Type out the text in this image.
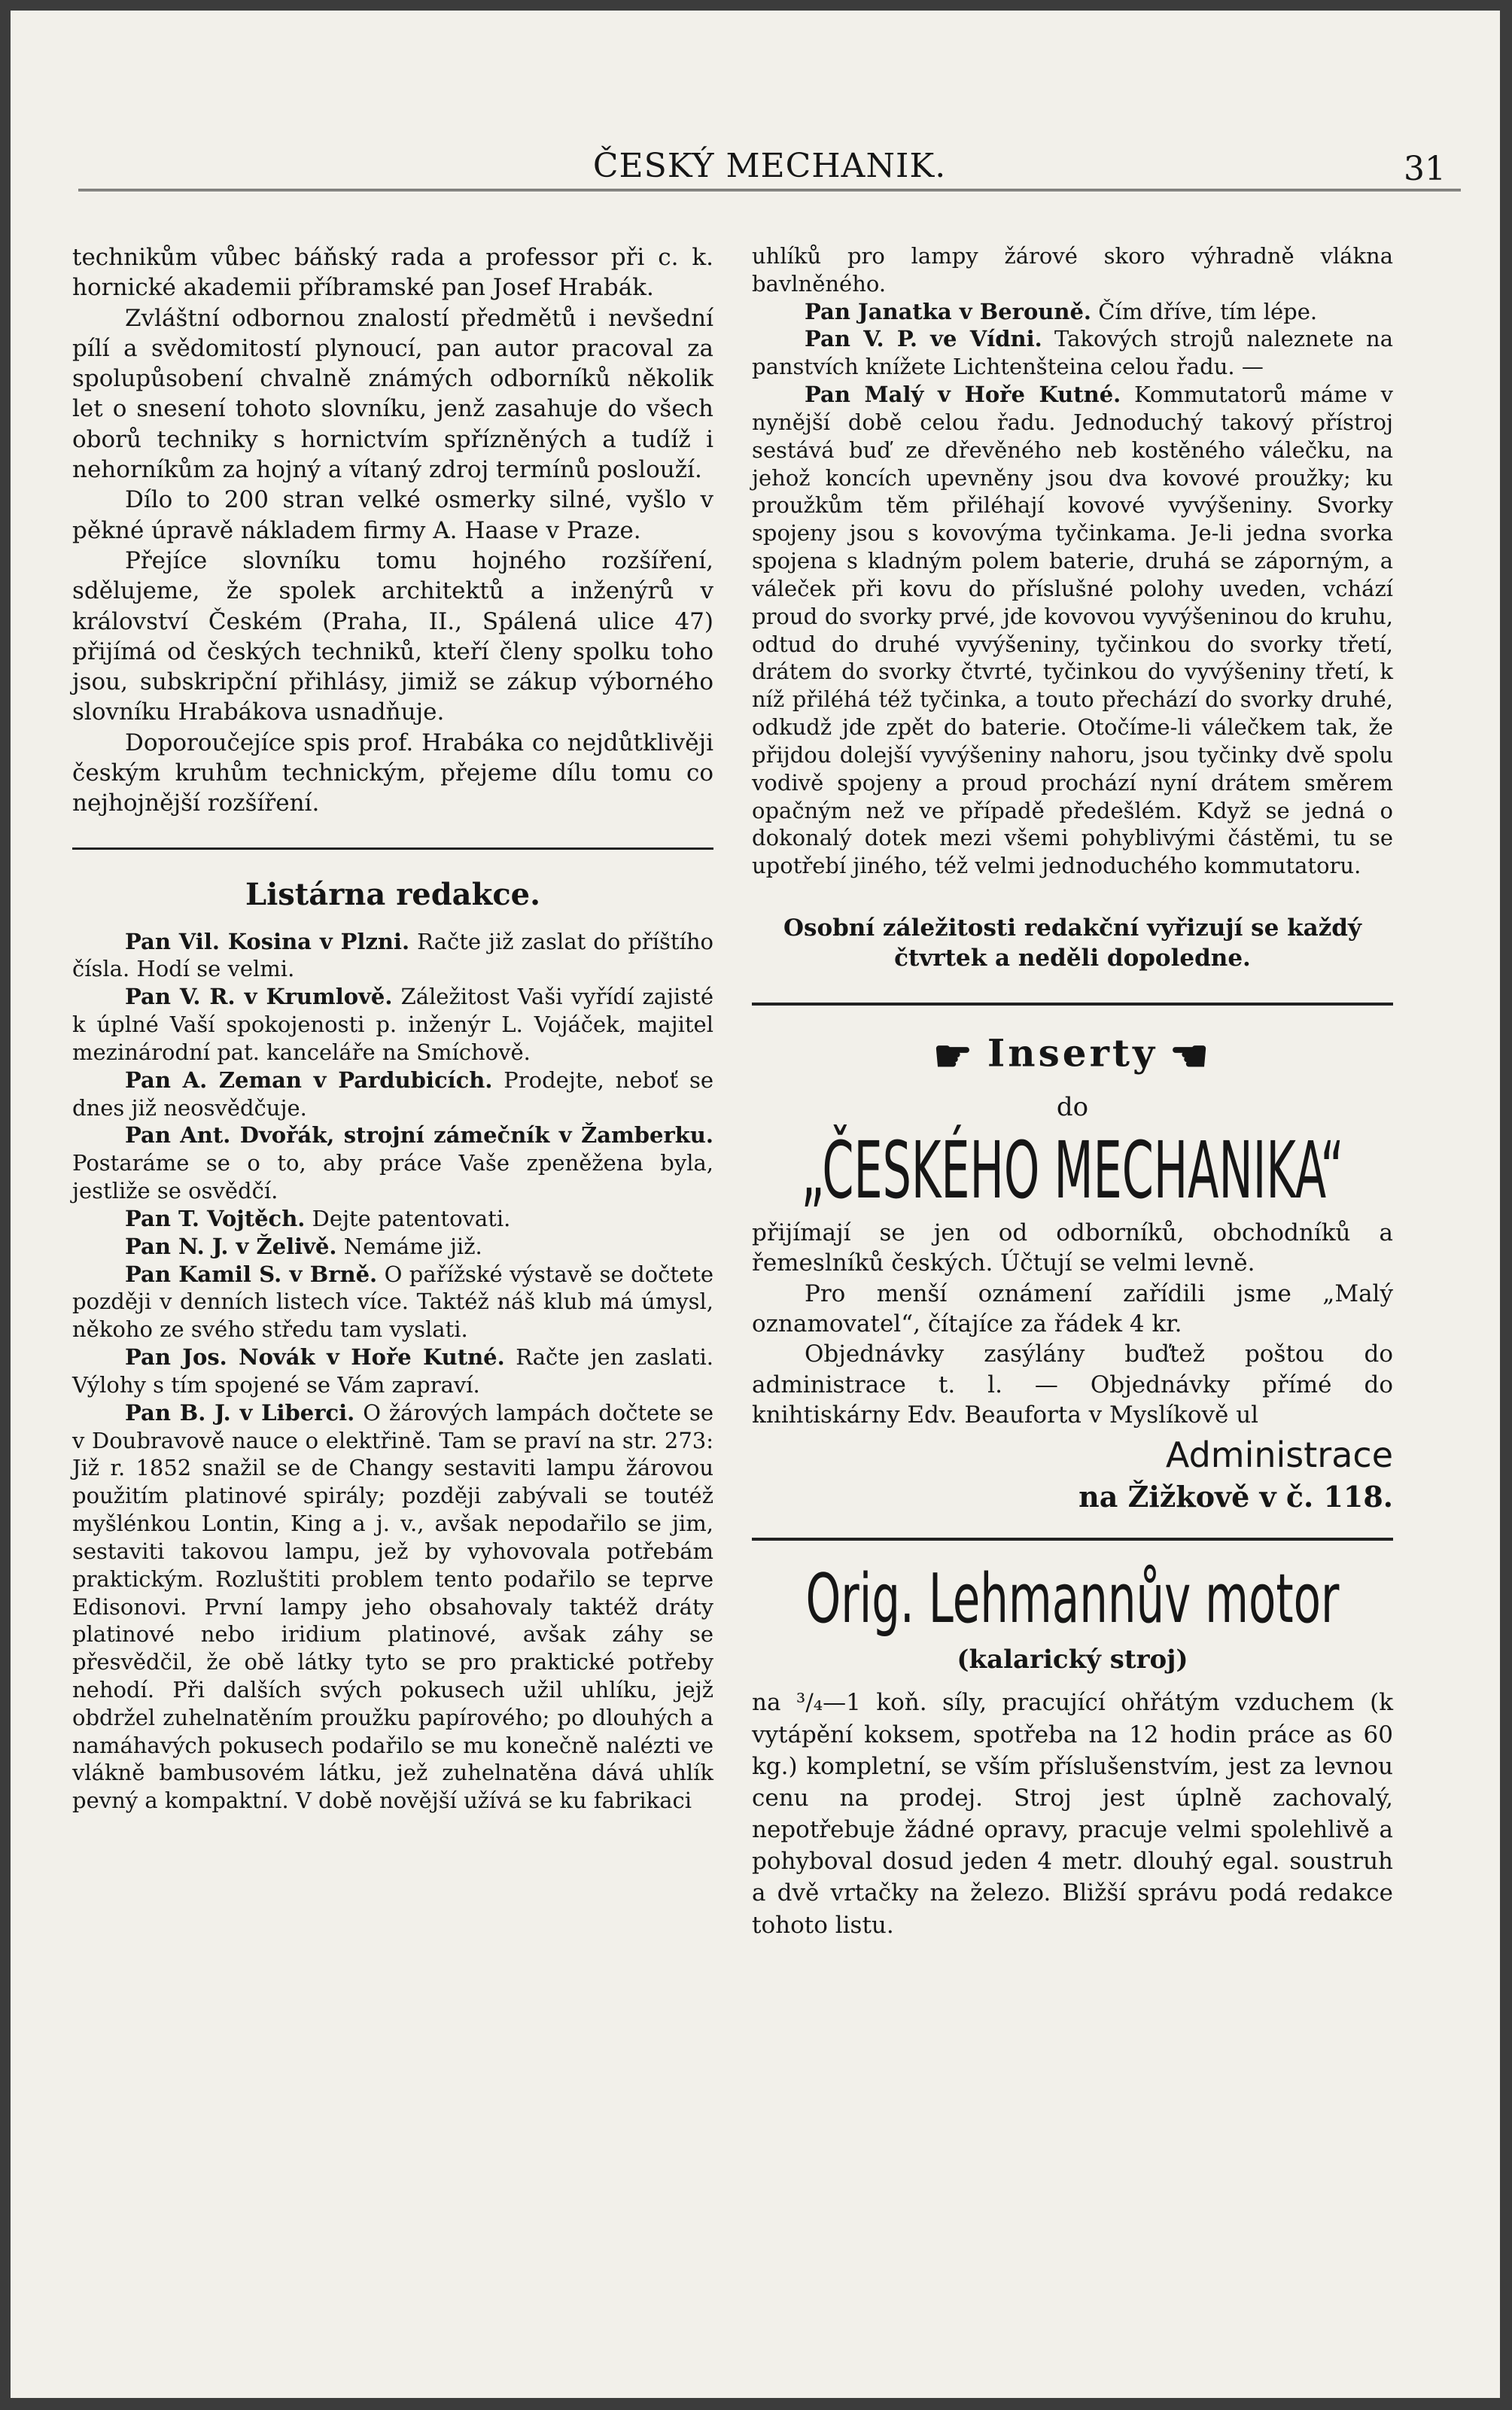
ČESKÝ MECHANIK.	31

technikům vůbec báňský rada a professor při c. k. hornické akademii příbramské pan Josef Hrabák.

Zvláštní odbornou znalostí předmětů i nevšední pílí a svědomitostí plynoucí, pan autor pracoval za spolupůsobení chvalně známých odborníků několik let o snesení tohoto slovníku, jenž zasahuje do všech oborů techniky s hornictvím spřízněných a tudíž i nehorníkům za hojný a vítaný zdroj termínů poslouží.

Dílo to 200 stran velké osmerky silné, vyšlo v pěkné úpravě nákladem firmy A. Haase v Praze.

Přejíce slovníku tomu hojného rozšíření, sdělujeme, že spolek architektů a inženýrů v království Českém (Praha, II., Spálená ulice 47) přijímá od českých techniků, kteří členy spolku toho jsou, subskripční přihlásy, jimiž se zákup výborného slovníku Hrabákova usnadňuje.

Doporoučejíce spis prof. Hrabáka co nejdůtklivěji českým kruhům technickým, přejeme dílu tomu co nejhojnější rozšíření.

Listárna redakce.

Pan Vil. Kosina v Plzni. Račte již zaslat do příštího čísla. Hodí se velmi.

Pan V. R. v Krumlově. Záležitost Vaši vyřídí zajisté k úplné Vaší spokojenosti p. inženýr L. Vojáček, majitel mezinárodní pat. kanceláře na Smíchově.

Pan A. Zeman v Pardubicích. Prodejte, neboť se dnes již neosvědčuje.

Pan Ant. Dvořák, strojní zámečník v Žamberku. Postaráme se o to, aby práce Vaše zpeněžena byla, jestliže se osvědčí.

Pan T. Vojtěch. Dejte patentovati.

Pan N. J. v Želivě. Nemáme již.

Pan Kamil S. v Brně. O pařížské výstavě se dočtete později v denních listech více. Taktéž náš klub má úmysl, někoho ze svého středu tam vyslati.

Pan Jos. Novák v Hoře Kutné. Račte jen zaslati. Výlohy s tím spojené se Vám zapraví.

Pan B. J. v Liberci. O žárových lampách dočtete se v Doubravově nauce o elektřině. Tam se praví na str. 273: Již r. 1852 snažil se de Changy sestaviti lampu žárovou použitím platinové spirály; později zabývali se toutéž myšlénkou Lontin, King a j. v., avšak nepodařilo se jim, sestaviti takovou lampu, jež by vyhovovala potřebám praktickým. Rozluštiti problem tento podařilo se teprve Edisonovi. První lampy jeho obsahovaly taktéž dráty platinové nebo iridium platinové, avšak záhy se přesvědčil, že obě látky tyto se pro praktické potřeby nehodí. Při dalších svých pokusech užil uhlíku, jejž obdržel zuhelnatěním proužku papírového; po dlouhých a namáhavých pokusech podařilo se mu konečně nalézti ve vlákně bambusovém látku, jež zuhelnatěna dává uhlík pevný a kompaktní. V době novější užívá se ku fabrikaci

uhlíků pro lampy žárové skoro výhradně vlákna bavlněného.

Pan Janatka v Berouně. Čím dříve, tím lépe.

Pan V. P. ve Vídni. Takových strojů naleznete na panstvích knížete Lichtenšteina celou řadu. —

Pan Malý v Hoře Kutné. Kommutatorů máme v nynější době celou řadu. Jednoduchý takový přístroj sestává buď ze dřevěného neb kostěného válečku, na jehož koncích upevněny jsou dva kovové proužky; ku proužkům těm přiléhají kovové vyvýšeniny. Svorky spojeny jsou s kovovýma tyčinkama. Je-li jedna svorka spojena s kladným polem baterie, druhá se záporným, a váleček při kovu do příslušné polohy uveden, vchází proud do svorky prvé, jde kovovou vyvýšeninou do kruhu, odtud do druhé vyvýšeniny, tyčinkou do svorky třetí, drátem do svorky čtvrté, tyčinkou do vyvýšeniny třetí, k níž přiléhá též tyčinka, a touto přechází do svorky druhé, odkudž jde zpět do baterie. Otočíme-li válečkem tak, že přijdou dolejší vyvýšeniny nahoru, jsou tyčinky dvě spolu vodivě spojeny a proud prochází nyní drátem směrem opačným než ve případě předešlém. Když se jedná o dokonalý dotek mezi všemi pohyblivými částěmi, tu se upotřebí jiného, též velmi jednoduchého kommutatoru.

Osobní záležitosti redakční vyřizují se každý čtvrtek a neděli dopoledne.
☛ Inserty ☚
do
„ČESKÉHO MECHANIKA“

přijímají se jen od odborníků, obchodníků a řemeslníků českých. Účtují se velmi levně.

Pro menší oznámení zařídili jsme „Malý oznamovatel“, čítajíce za řádek 4 kr.

Objednávky zasýlány buďtež poštou do administrace t. l. — Objednávky přímé do knihtiskárny Edv. Beauforta v Myslíkově ul

Administrace
na Žižkově v č. 118.
Orig. Lehmannův motor
(kalarický stroj)

na ³/₄—1 koň. síly, pracující ohřátým vzduchem (k vytápění koksem, spotřeba na 12 hodin práce as 60 kg.) kompletní, se vším příslušenstvím, jest za levnou cenu na prodej. Stroj jest úplně zachovalý, nepotřebuje žádné opravy, pracuje velmi spolehlivě a pohyboval dosud jeden 4 metr. dlouhý egal. soustruh a dvě vrtačky na železo. Bližší správu podá redakce tohoto listu.
